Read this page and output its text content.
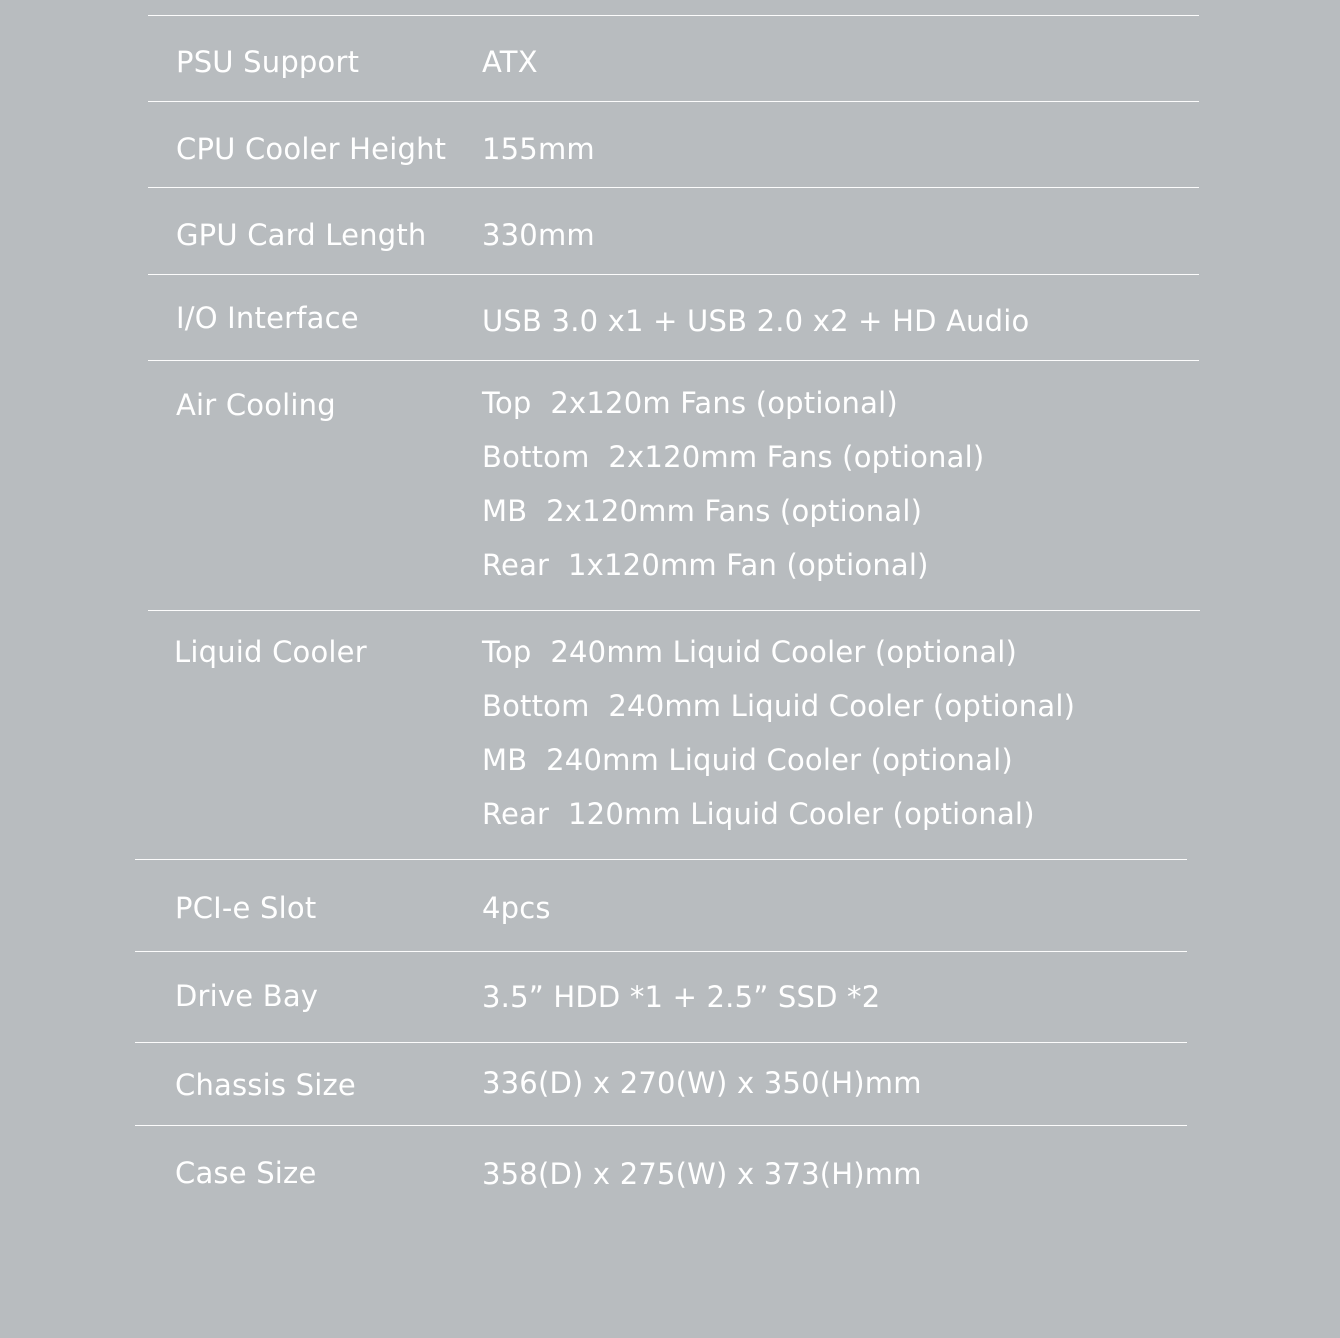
PSU Support	ATX
CPU Cooler Height 155mm
GPU Card Length 330mm
I/O Interface	USB 3.0 x1 + USB 2.0 x2 + HD Audio
Air Cooling	Top  2x120m Fans (optional)
Bottom  2x120mm Fans (optional)
MB  2x120mm Fans (optional)
Rear  1x120mm Fan (optional)
Liquid Cooler	Top  240mm Liquid Cooler (optional)
Bottom  240mm Liquid Cooler (optional)
MB  240mm Liquid Cooler (optional)
Rear  120mm Liquid Cooler (optional)
PCI-e Slot	4pcs
Drive Bay	3.5” HDD *1 + 2.5” SSD *2
Chassis Size	336(D) x 270(W) x 350(H)mm
Case Size	358(D) x 275(W) x 373(H)mm
